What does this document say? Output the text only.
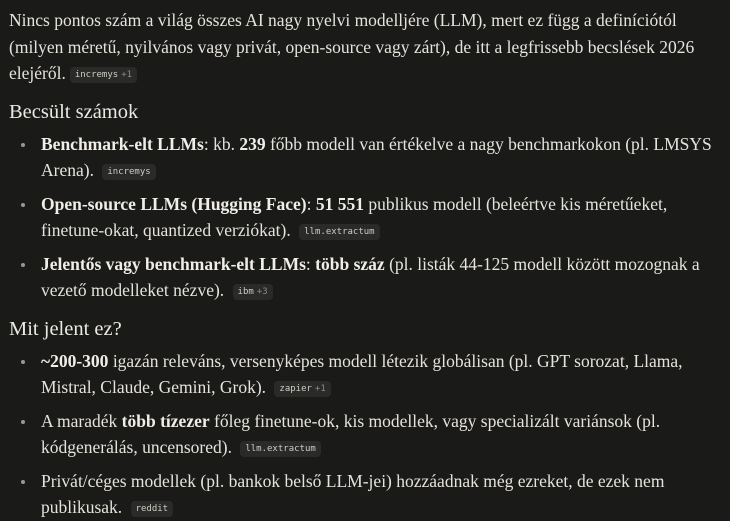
Nincs pontos szám a világ összes AI nagy nyelvi modelljére (LLM), mert ez függ a definíciótól (milyen méretű, nyilvános vagy privát, open-source vagy zárt), de itt a legfrissebb becslések 2026 elejéről. incremys +1

Becsült számok
Benchmark-elt LLMs: kb. 239 főbb modell van értékelve a nagy benchmarkokon (pl. LMSYS Arena). incremys
Open-source LLMs (Hugging Face): 51 551 publikus modell (beleértve kis méretűeket, finetune-okat, quantized verziókat). llm.extractum
Jelentős vagy benchmark-elt LLMs: több száz (pl. listák 44-125 modell között mozognak a vezető modelleket nézve). ibm +3
Mit jelent ez?
~200-300 igazán releváns, versenyképes modell létezik globálisan (pl. GPT sorozat, Llama, Mistral, Claude, Gemini, Grok). zapier +1
A maradék több tízezer főleg finetune-ok, kis modellek, vagy specializált variánsok (pl. kódgenerálás, uncensored). llm.extractum
Privát/céges modellek (pl. bankok belső LLM-jei) hozzáadnak még ezreket, de ezek nem publikusak. reddit
